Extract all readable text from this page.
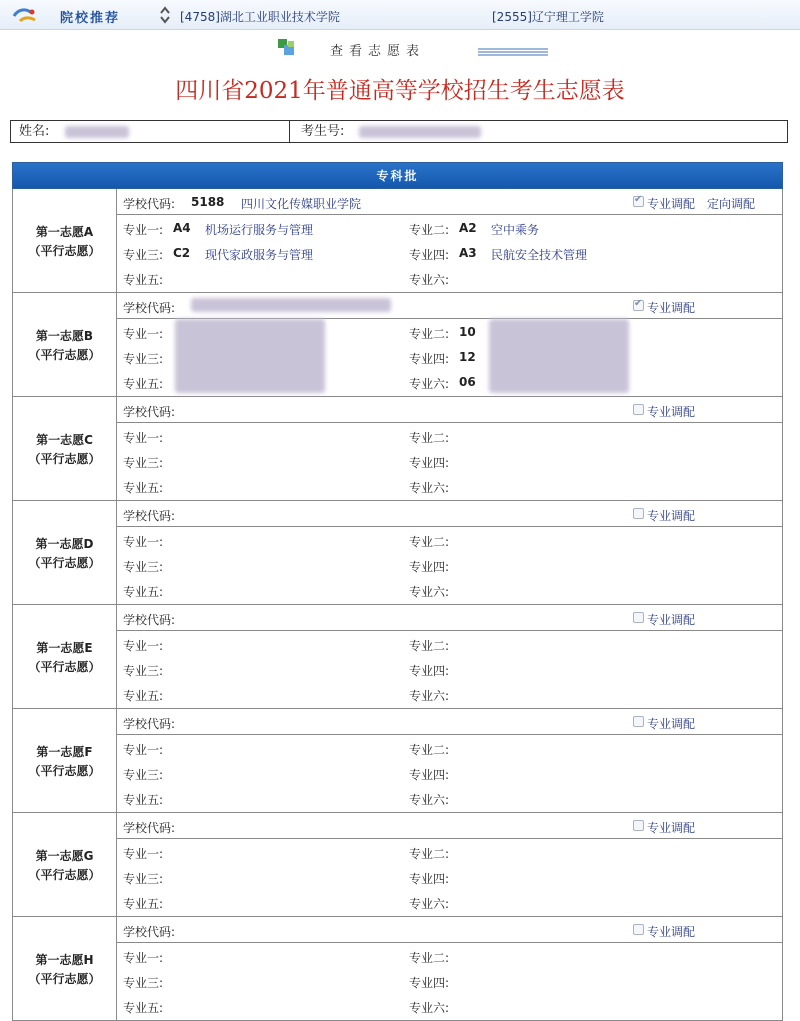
院校推荐	[4758]湖北工业职业技术学院	[2555]辽宁理工学院
查看志愿表
四川省2021年普通高等学校招生考生志愿表
姓名:	考生号:
专科批
第一志愿A
（平行志愿）
学校代码: 5188 四川文化传媒职业学院 ✔	专业调配 定向调配
专业一: A4 机场运行服务与管理	专业二: A2 空中乘务
专业三: C2 现代家政服务与管理	专业四: A3 民航安全技术管理
专业五:	专业六:
第一志愿B
（平行志愿）
学校代码: ✔	专业调配
专业一:	专业二: 10
专业三:	专业四: 12
专业五:	专业六: 06
第一志愿C
（平行志愿）
学校代码:	专业调配
专业一:	专业二:
专业三:	专业四:
专业五:	专业六:
第一志愿D
（平行志愿）
学校代码:	专业调配
专业一:	专业二:
专业三:	专业四:
专业五:	专业六:
第一志愿E
（平行志愿）
学校代码:	专业调配
专业一:	专业二:
专业三:	专业四:
专业五:	专业六:
第一志愿F
（平行志愿）
学校代码:	专业调配
专业一:	专业二:
专业三:	专业四:
专业五:	专业六:
第一志愿G
（平行志愿）
学校代码:	专业调配
专业一:	专业二:
专业三:	专业四:
专业五:	专业六:
第一志愿H
（平行志愿）
学校代码:	专业调配
专业一:	专业二:
专业三:	专业四:
专业五:	专业六:
